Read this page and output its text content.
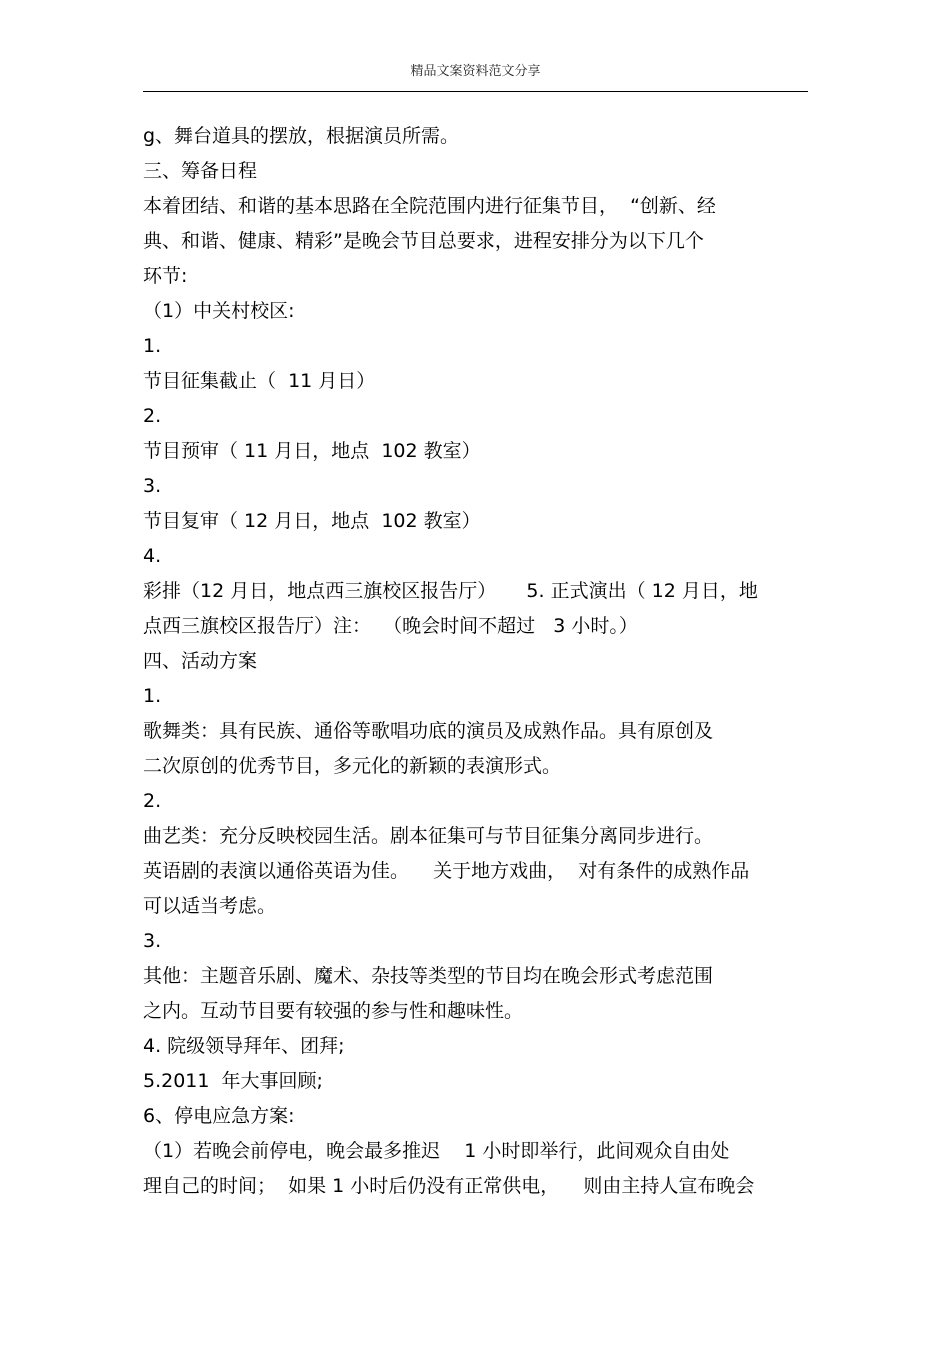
精品文案资料范文分享
g、舞台道具的摆放，根据演员所需。
三、筹备日程
本着团结、和谐的基本思路在全院范围内进行征集节目，  “创新、经
典、和谐、健康、精彩”是晚会节目总要求，进程安排分为以下几个
环节:
（1）中关村校区:
1.
节目征集截止（  11 月日）
2.
节目预审（ 11 月日，地点  102 教室）
3.
节目复审（ 12 月日，地点  102 教室）
4.
彩排（12 月日，地点西三旗校区报告厅）     5. 正式演出（ 12 月日，地
点西三旗校区报告厅）注：  （晚会时间不超过   3 小时。）
四、活动方案
1.
歌舞类：具有民族、通俗等歌唱功底的演员及成熟作品。具有原创及
二次原创的优秀节目，多元化的新颖的表演形式。
2.
曲艺类：充分反映校园生活。剧本征集可与节目征集分离同步进行。
英语剧的表演以通俗英语为佳。    关于地方戏曲，  对有条件的成熟作品
可以适当考虑。
3.
其他：主题音乐剧、魔术、杂技等类型的节目均在晚会形式考虑范围
之内。互动节目要有较强的参与性和趣味性。
4. 院级领导拜年、团拜;
5.2011  年大事回顾;
6、停电应急方案:
（1）若晚会前停电，晚会最多推迟    1 小时即举行，此间观众自由处
理自己的时间；  如果 1 小时后仍没有正常供电，    则由主持人宣布晚会
